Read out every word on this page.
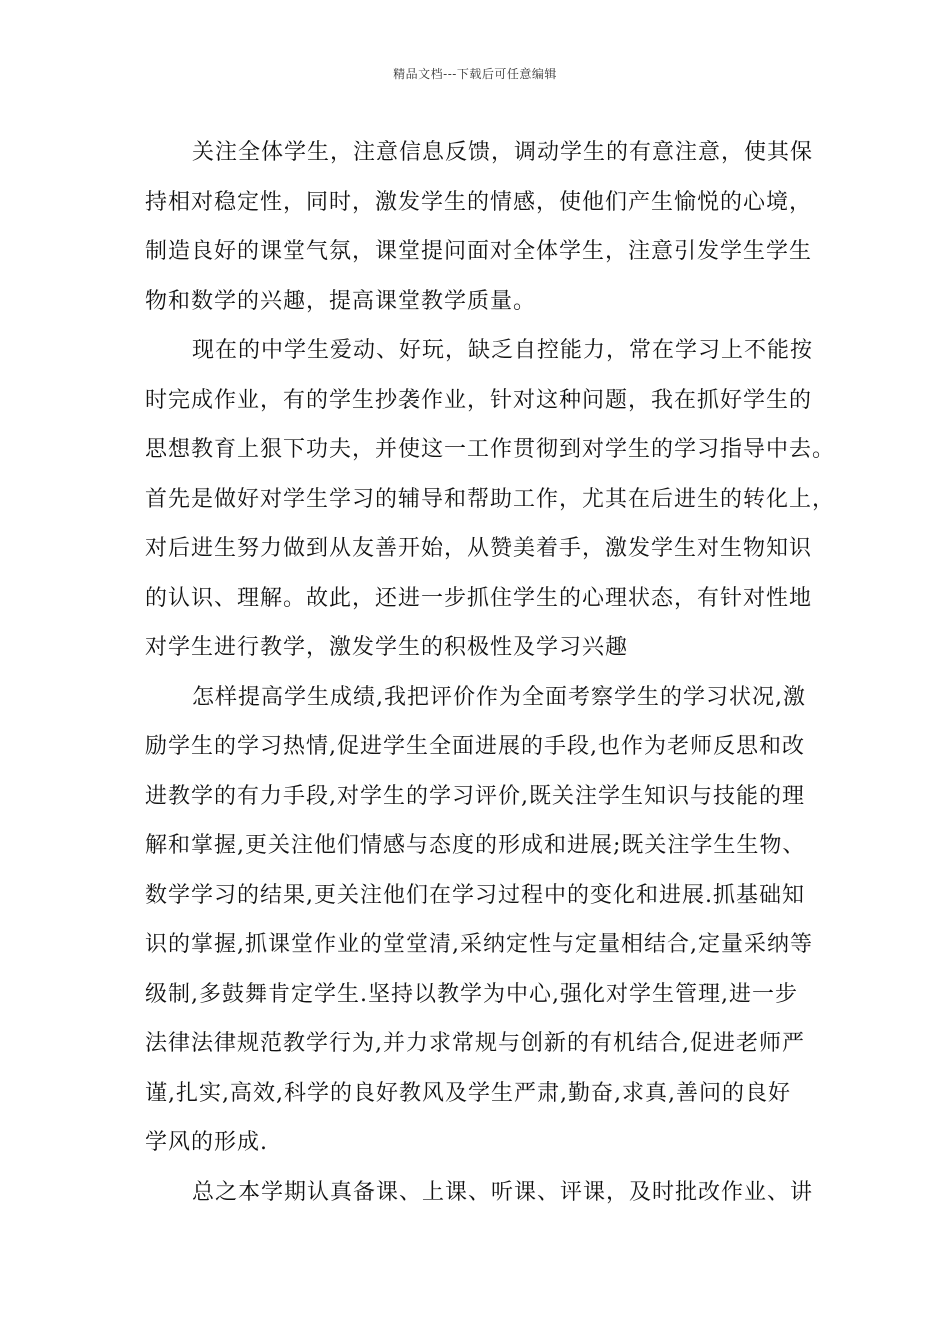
精品文档---下载后可任意编辑

关注全体学生，注意信息反馈，调动学生的有意注意，使其保
持相对稳定性，同时，激发学生的情感，使他们产生愉悦的心境，
制造良好的课堂气氛，课堂提问面对全体学生，注意引发学生学生
物和数学的兴趣，提高课堂教学质量。

现在的中学生爱动、好玩，缺乏自控能力，常在学习上不能按
时完成作业，有的学生抄袭作业，针对这种问题，我在抓好学生的
思想教育上狠下功夫，并使这一工作贯彻到对学生的学习指导中去。
首先是做好对学生学习的辅导和帮助工作，尤其在后进生的转化上，
对后进生努力做到从友善开始，从赞美着手，激发学生对生物知识
的认识、理解。故此，还进一步抓住学生的心理状态，有针对性地
对学生进行教学，激发学生的积极性及学习兴趣

怎样提高学生成绩,我把评价作为全面考察学生的学习状况,激
励学生的学习热情,促进学生全面进展的手段,也作为老师反思和改
进教学的有力手段,对学生的学习评价,既关注学生知识与技能的理
解和掌握,更关注他们情感与态度的形成和进展;既关注学生生物、
数学学习的结果,更关注他们在学习过程中的变化和进展.抓基础知
识的掌握,抓课堂作业的堂堂清,采纳定性与定量相结合,定量采纳等
级制,多鼓舞肯定学生.坚持以教学为中心,强化对学生管理,进一步
法律法律规范教学行为,并力求常规与创新的有机结合,促进老师严
谨,扎实,高效,科学的良好教风及学生严肃,勤奋,求真,善问的良好
学风的形成.

总之本学期认真备课、上课、听课、评课，及时批改作业、讲
